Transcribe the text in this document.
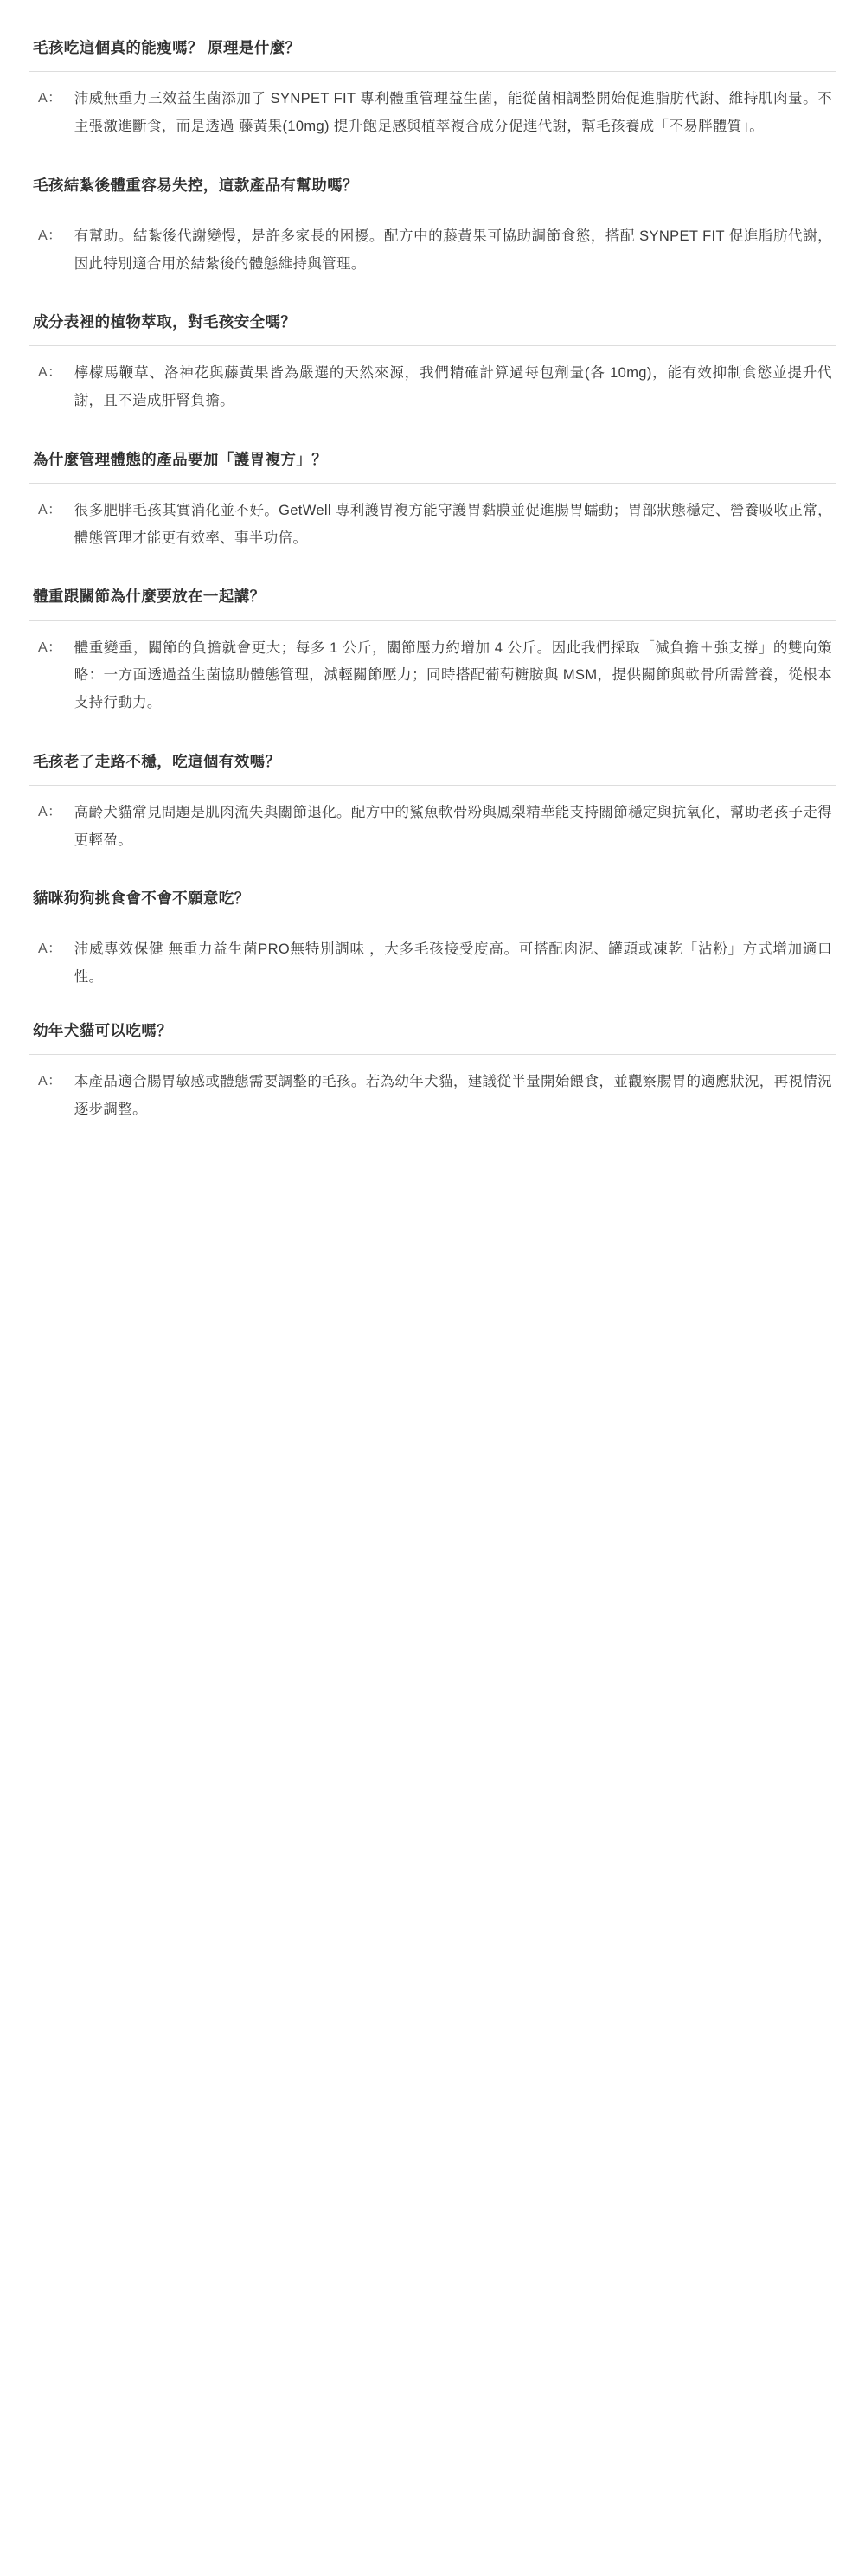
毛孩吃這個真的能瘦嗎？ 原理是什麼？
A： 沛威無重力三效益生菌添加了 SYNPET FIT 專利體重管理益生菌，能從菌相調整開始促進脂肪代謝、維持肌肉量。不主張激進斷食，而是透過 藤黃果(10mg) 提升飽足感與植萃複合成分促進代謝，幫毛孩養成「不易胖體質」。
毛孩結紮後體重容易失控，這款產品有幫助嗎？
A： 有幫助。結紮後代謝變慢，是許多家長的困擾。配方中的藤黃果可協助調節食慾，搭配 SYNPET FIT 促進脂肪代謝，因此特別適合用於結紮後的體態維持與管理。
成分表裡的植物萃取，對毛孩安全嗎？
A： 檸檬馬鞭草、洛神花與藤黃果皆為嚴選的天然來源，我們精確計算過每包劑量(各 10mg)，能有效抑制食慾並提升代謝，且不造成肝腎負擔。
為什麼管理體態的產品要加「護胃複方」？
A： 很多肥胖毛孩其實消化並不好。GetWell 專利護胃複方能守護胃黏膜並促進腸胃蠕動；胃部狀態穩定、營養吸收正常，體態管理才能更有效率、事半功倍。
體重跟關節為什麼要放在一起講？
A： 體重變重，關節的負擔就會更大；每多 1 公斤，關節壓力約增加 4 公斤。因此我們採取「減負擔＋強支撐」的雙向策略：一方面透過益生菌協助體態管理，減輕關節壓力；同時搭配葡萄糖胺與 MSM，提供關節與軟骨所需營養，從根本支持行動力。
毛孩老了走路不穩，吃這個有效嗎？
A： 高齡犬貓常見問題是肌肉流失與關節退化。配方中的鯊魚軟骨粉與鳳梨精華能支持關節穩定與抗氧化，幫助老孩子走得更輕盈。
貓咪狗狗挑食會不會不願意吃？
A： 沛威專效保健 無重力益生菌PRO無特別調味 ，大多毛孩接受度高。可搭配肉泥、罐頭或凍乾「沾粉」方式增加適口性。
幼年犬貓可以吃嗎？
A： 本產品適合腸胃敏感或體態需要調整的毛孩。若為幼年犬貓，建議從半量開始餵食，並觀察腸胃的適應狀況，再視情況逐步調整。
